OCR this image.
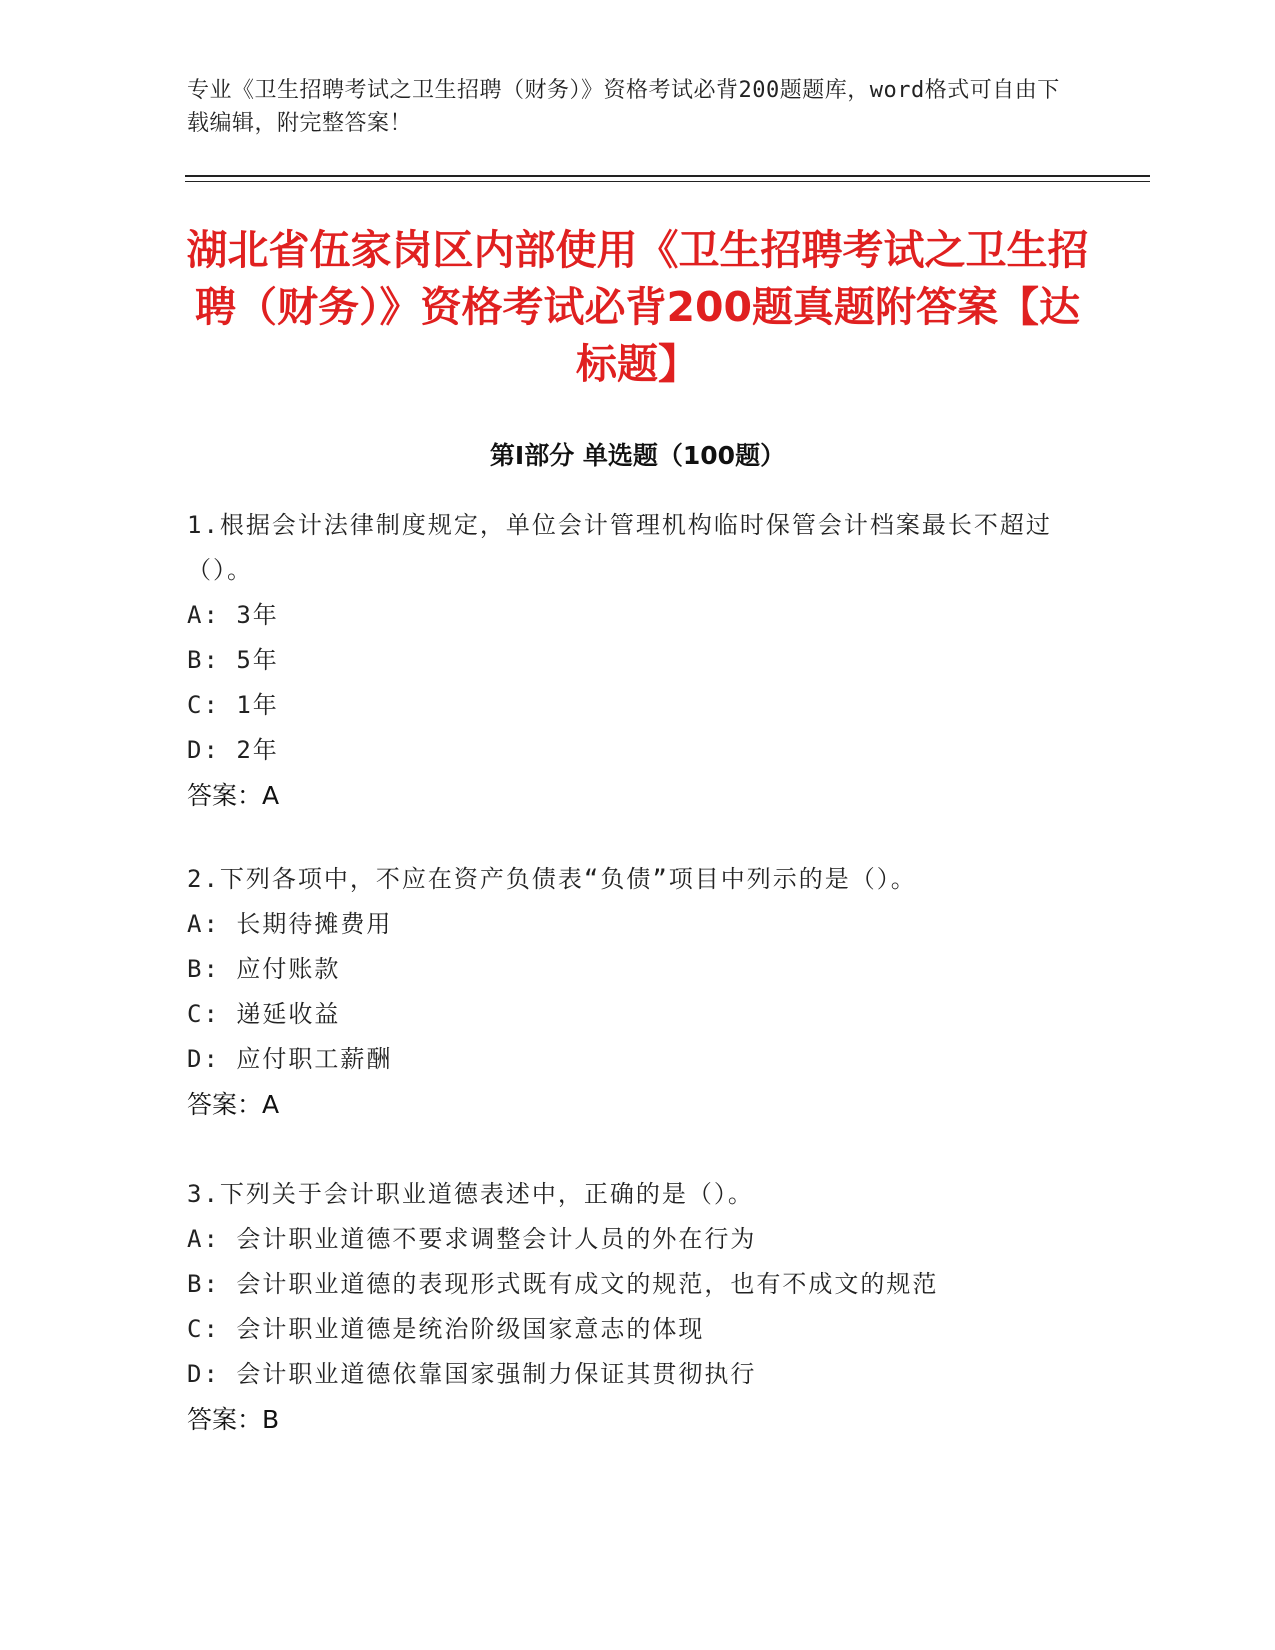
专业《卫生招聘考试之卫生招聘（财务）》资格考试必背200题题库，word格式可自由下载编辑，附完整答案！
湖北省伍家岗区内部使用《卫生招聘考试之卫生招聘（财务）》资格考试必背200题真题附答案【达标题】
第I部分 单选题（100题）
1.根据会计法律制度规定，单位会计管理机构临时保管会计档案最长不超过（）。
A: 3年
B: 5年
C: 1年
D: 2年
答案：A
2.下列各项中，不应在资产负债表“负债”项目中列示的是（）。
A: 长期待摊费用
B: 应付账款
C: 递延收益
D: 应付职工薪酬
答案：A
3.下列关于会计职业道德表述中，正确的是（）。
A: 会计职业道德不要求调整会计人员的外在行为
B: 会计职业道德的表现形式既有成文的规范，也有不成文的规范
C: 会计职业道德是统治阶级国家意志的体现
D: 会计职业道德依靠国家强制力保证其贯彻执行
答案：B
